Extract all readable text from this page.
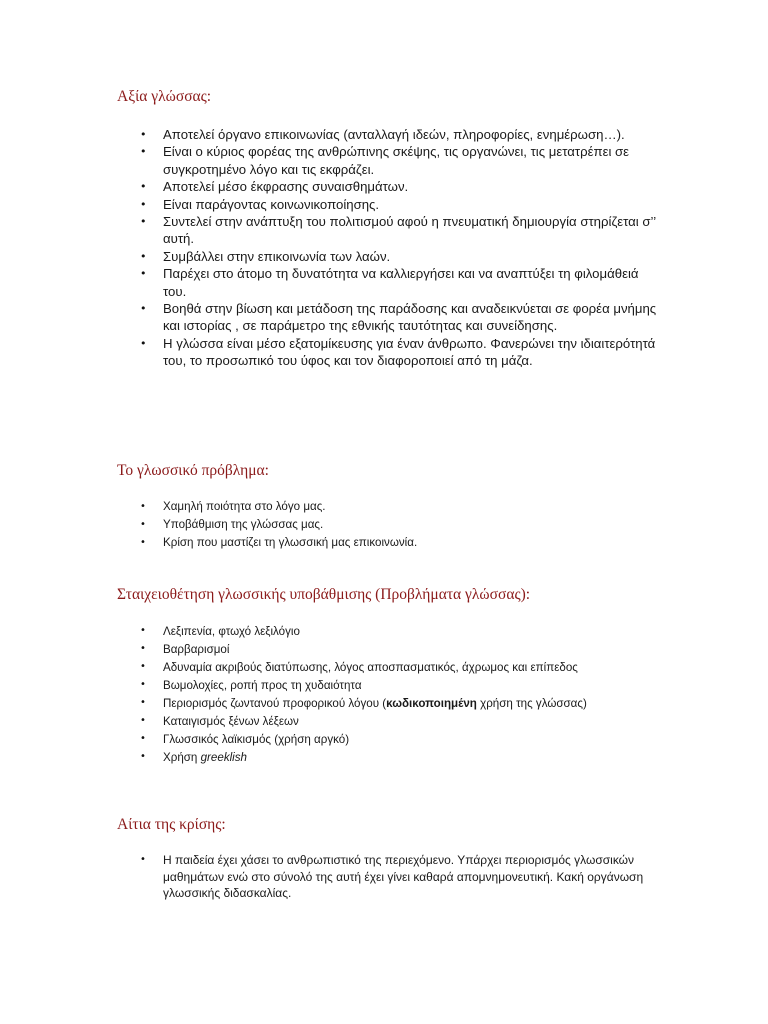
Αξία γλώσσας:
• Αποτελεί όργανο επικοινωνίας (ανταλλαγή ιδεών, πληροφορίες, ενημέρωση…).
• Είναι ο κύριος φορέας της ανθρώπινης σκέψης, τις οργανώνει, τις μετατρέπει σε συγκροτημένο λόγο και τις εκφράζει.
• Αποτελεί μέσο έκφρασης συναισθημάτων.
• Είναι παράγοντας κοινωνικοποίησης.
• Συντελεί στην ανάπτυξη του πολιτισμού αφού η πνευματική δημιουργία στηρίζεται σ’’ αυτή.
• Συμβάλλει στην επικοινωνία των λαών.
• Παρέχει στο άτομο τη δυνατότητα να καλλιεργήσει και να αναπτύξει τη φιλομάθειά του.
• Βοηθά στην βίωση και μετάδοση της παράδοσης και αναδεικνύεται σε φορέα μνήμης και ιστορίας , σε παράμετρο της εθνικής ταυτότητας και συνείδησης.
• Η γλώσσα είναι μέσο εξατομίκευσης για έναν άνθρωπο. Φανερώνει την ιδιαιτερότητά του, το προσωπικό του ύφος και τον διαφοροποιεί από τη μάζα.
Το γλωσσικό πρόβλημα:
• Χαμηλή ποιότητα στο λόγο μας.
• Υποβάθμιση της γλώσσας μας.
• Κρίση που μαστίζει τη γλωσσική μας επικοινωνία.
Σταιχειοθέτηση γλωσσικής υποβάθμισης (Προβλήματα γλώσσας):
• Λεξιπενία, φτωχό λεξιλόγιο
• Βαρβαρισμοί
• Αδυναμία ακριβούς διατύπωσης, λόγος αποσπασματικός, άχρωμος και επίπεδος
• Βωμολοχίες, ροπή προς τη χυδαιότητα
• Περιορισμός ζωντανού προφορικού λόγου (κωδικοποιημένη χρήση της γλώσσας)
• Καταιγισμός ξένων λέξεων
• Γλωσσικός λαϊκισμός (χρήση αργκό)
• Χρήση greeklish
Αίτια της κρίσης:
• Η παιδεία έχει χάσει το ανθρωπιστικό της περιεχόμενο. Υπάρχει περιορισμός γλωσσικών μαθημάτων ενώ στο σύνολό της αυτή έχει γίνει καθαρά απομνημονευτική. Κακή οργάνωση γλωσσικής διδασκαλίας.
